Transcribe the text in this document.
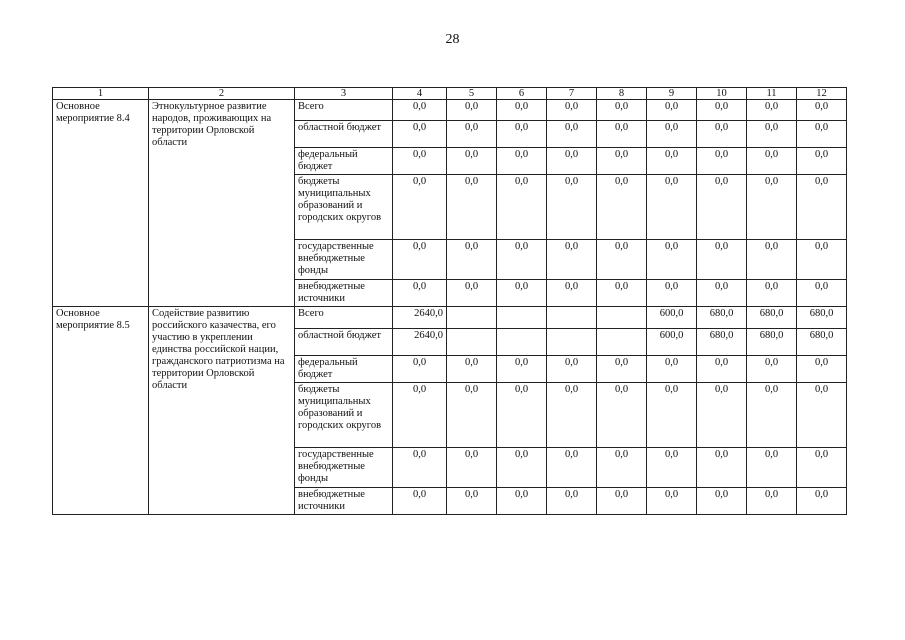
28
1	2	3	4	5	6	7	8	9	10	11	12
Основное мероприятие 8.4	Этнокультурное развитие народов, проживающих на территории Орловской области	Всего	0,0	0,0	0,0	0,0	0,0	0,0	0,0	0,0	0,0
		областной бюджет	0,0	0,0	0,0	0,0	0,0	0,0	0,0	0,0	0,0
		федеральный бюджет	0,0	0,0	0,0	0,0	0,0	0,0	0,0	0,0	0,0
		бюджеты муниципальных образований и городских округов	0,0	0,0	0,0	0,0	0,0	0,0	0,0	0,0	0,0
		государственные внебюджетные фонды	0,0	0,0	0,0	0,0	0,0	0,0	0,0	0,0	0,0
		внебюджетные источники	0,0	0,0	0,0	0,0	0,0	0,0	0,0	0,0	0,0
Основное мероприятие 8.5	Содействие развитию российского казачества, его участию в укреплении единства российской нации, гражданского патриотизма на территории Орловской области	Всего	2640,0					600,0	680,0	680,0	680,0
		областной бюджет	2640,0					600,0	680,0	680,0	680,0
		федеральный бюджет	0,0	0,0	0,0	0,0	0,0	0,0	0,0	0,0	0,0
		бюджеты муниципальных образований и городских округов	0,0	0,0	0,0	0,0	0,0	0,0	0,0	0,0	0,0
		государственные внебюджетные фонды	0,0	0,0	0,0	0,0	0,0	0,0	0,0	0,0	0,0
		внебюджетные источники	0,0	0,0	0,0	0,0	0,0	0,0	0,0	0,0	0,0
